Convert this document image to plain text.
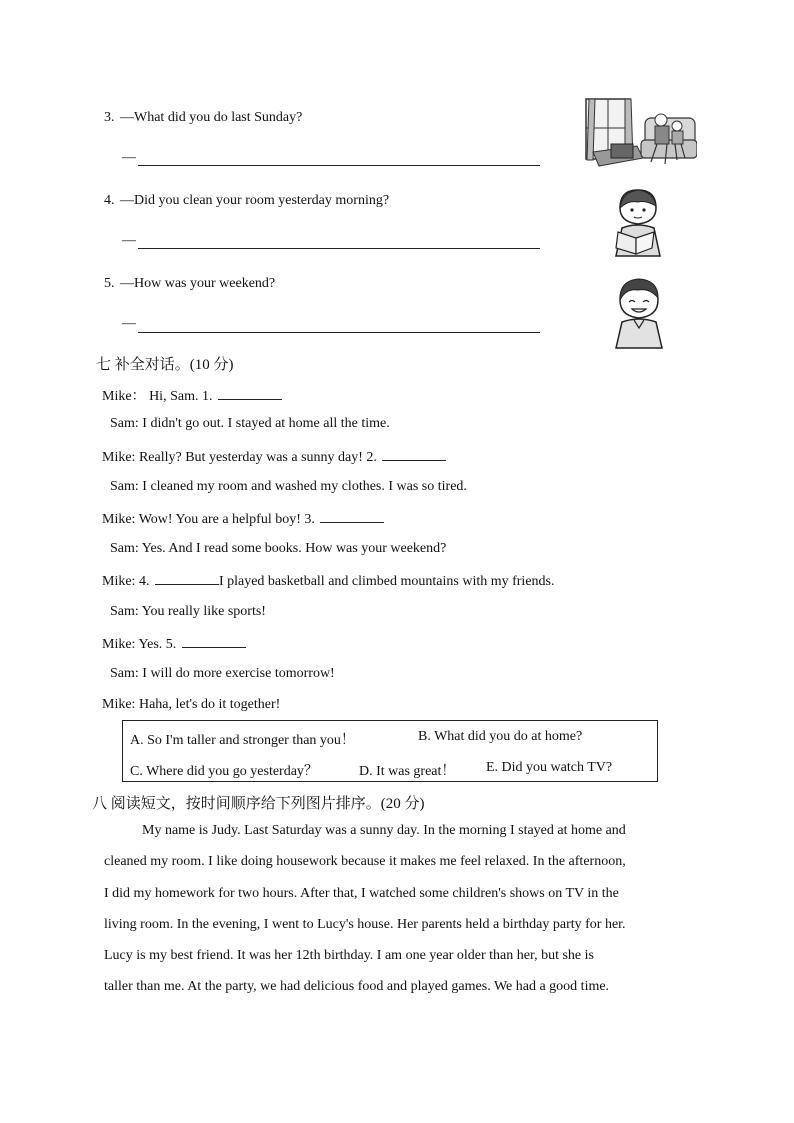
3. —What did you do last Sunday?
—
4. —Did you clean your room yesterday morning?
—
5. —How was your weekend?
—
七 补全对话。(10 分)
Mike： Hi, Sam. 1.
Sam: I didn't go out. I stayed at home all the time.
Mike: Really? But yesterday was a sunny day! 2.
Sam: I cleaned my room and washed my clothes. I was so tired.
Mike: Wow! You are a helpful boy! 3.
Sam: Yes. And I read some books. How was your weekend?
Mike: 4.	I played basketball and climbed mountains with my friends.
Sam: You really like sports!
Mike: Yes. 5.
Sam: I will do more exercise tomorrow!
Mike: Haha, let's do it together!
A. So I'm taller and stronger than you！	B. What did you do at home?
C. Where did you go yesterday？	D. It was great！ E. Did you watch TV?
八 阅读短文，按时间顺序给下列图片排序。(20 分)
My name is Judy. Last Saturday was a sunny day. In the morning I stayed at home and
cleaned my room. I like doing housework because it makes me feel relaxed. In the afternoon,
I did my homework for two hours. After that, I watched some children's shows on TV in the
living room. In the evening, I went to Lucy's house. Her parents held a birthday party for her.
Lucy is my best friend. It was her 12th birthday. I am one year older than her, but she is
taller than me. At the party, we had delicious food and played games. We had a good time.
